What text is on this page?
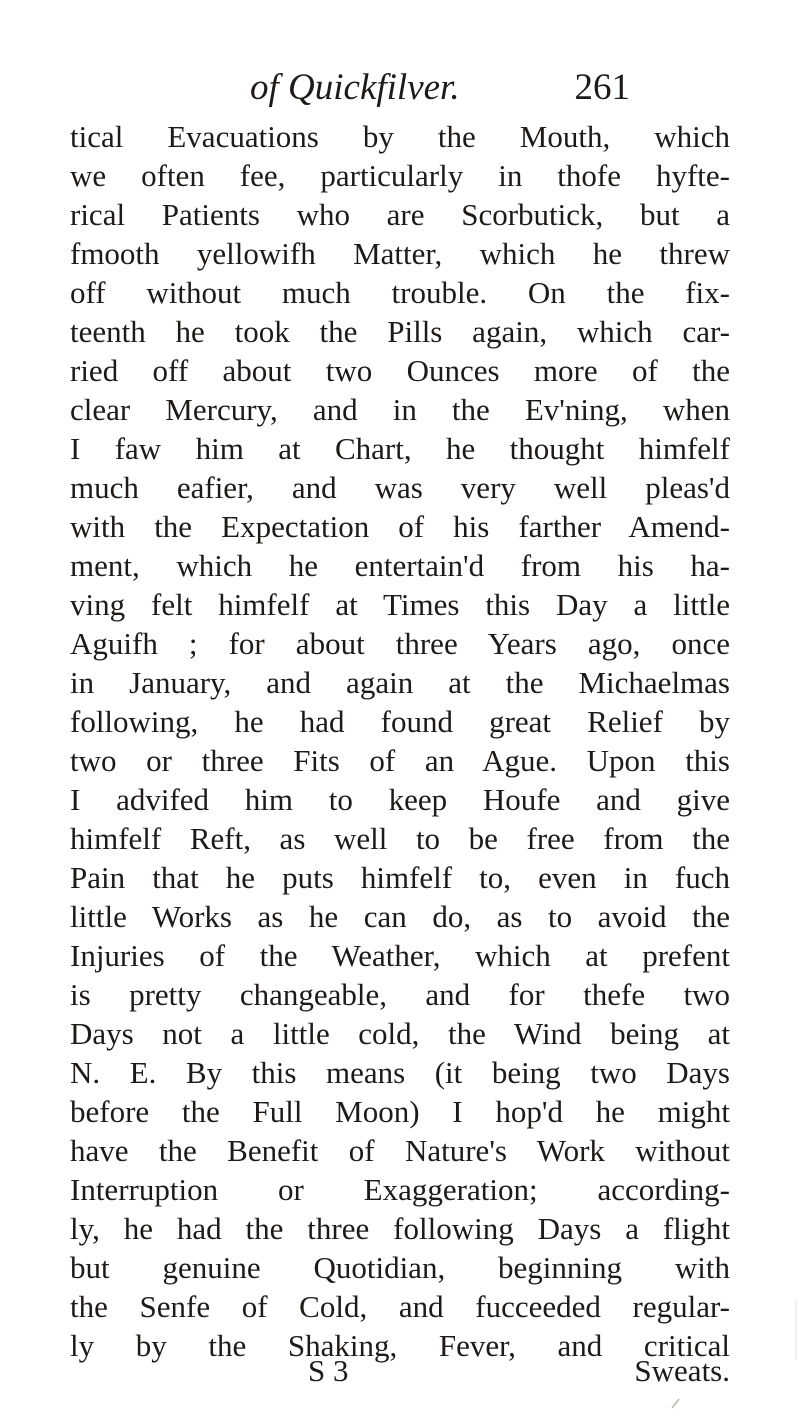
of Quickfilver.	261
tical Evacuations by the Mouth, which
we often fee, particularly in thofe hyfte-
rical Patients who are Scorbutick, but a
fmooth yellowifh Matter, which he threw
off without much trouble. On the fix-
teenth he took the Pills again, which car-
ried off about two Ounces more of the
clear Mercury, and in the Ev'ning, when
I faw him at Chart, he thought himfelf
much eafier, and was very well pleas'd
with the Expectation of his farther Amend-
ment, which he entertain'd from his ha-
ving felt himfelf at Times this Day a little
Aguifh ; for about three Years ago, once
in January, and again at the Michaelmas
following, he had found great Relief by
two or three Fits of an Ague. Upon this
I advifed him to keep Houfe and give
himfelf Reft, as well to be free from the
Pain that he puts himfelf to, even in fuch
little Works as he can do, as to avoid the
Injuries of the Weather, which at prefent
is pretty changeable, and for thefe two
Days not a little cold, the Wind being at
N. E. By this means (it being two Days
before the Full Moon) I hop'd he might
have the Benefit of Nature's Work without
Interruption or Exaggeration; according-
ly, he had the three following Days a flight
but genuine Quotidian, beginning with
the Senfe of Cold, and fucceeded regular-
ly by the Shaking, Fever, and critical
S 3	Sweats.
